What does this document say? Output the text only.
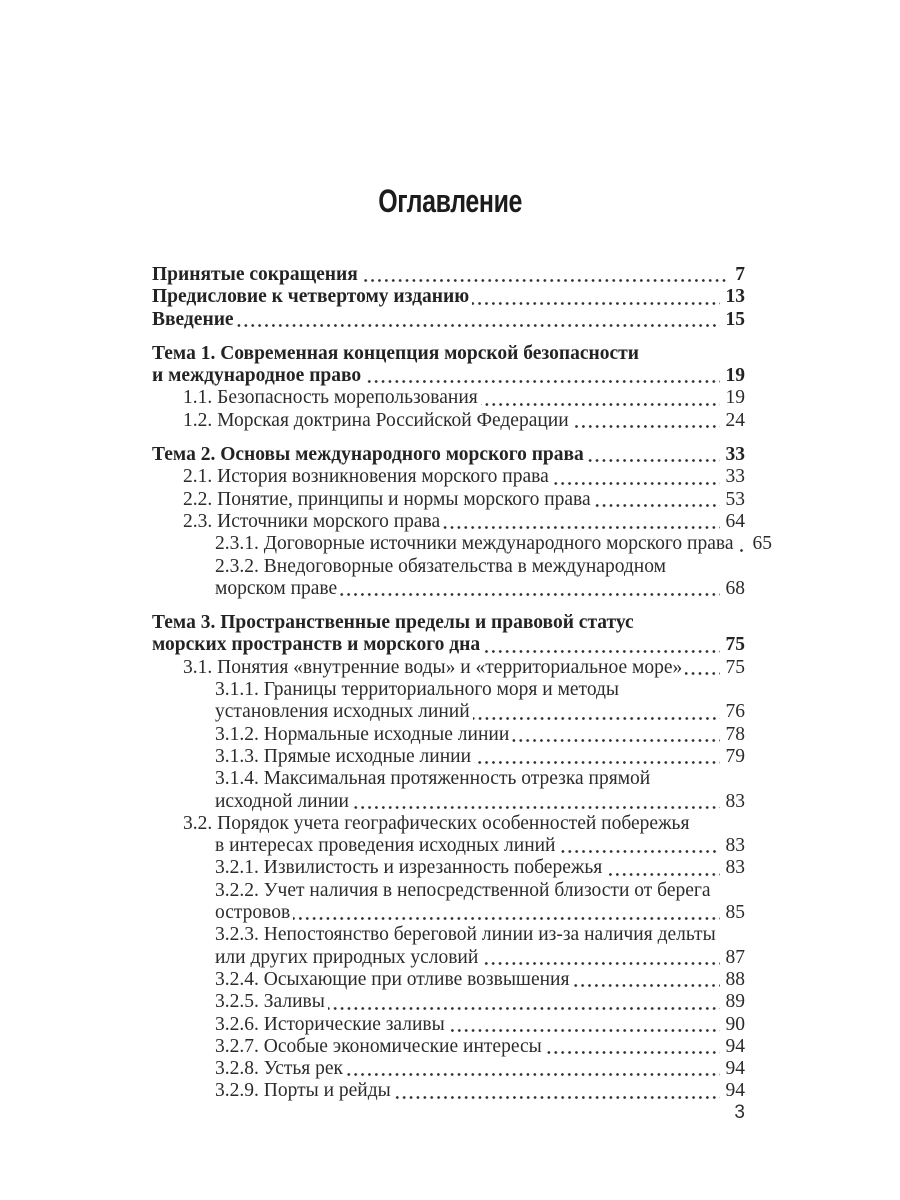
Оглавление
Принятые сокращения	7
Предисловие к четвертому изданию	13
Введение	15
Тема 1. Современная концепция морской безопасности
и международное право	19
1.1. Безопасность морепользования	19
1.2. Морская доктрина Российской Федерации	24
Тема 2. Основы международного морского права	33
2.1. История возникновения морского права	33
2.2. Понятие, принципы и нормы морского права	53
2.3. Источники морского права	64
2.3.1. Договорные источники международного морского права 65
2.3.2. Внедоговорные обязательства в международном
морском праве	68
Тема 3. Пространственные пределы и правовой статус
морских пространств и морского дна	75
3.1. Понятия «внутренние воды» и «территориальное море» 75
3.1.1. Границы территориального моря и методы
установления исходных линий	76
3.1.2. Нормальные исходные линии	78
3.1.3. Прямые исходные линии	79
3.1.4. Максимальная протяженность отрезка прямой
исходной линии	83
3.2. Порядок учета географических особенностей побережья
в интересах проведения исходных линий	83
3.2.1. Извилистость и изрезанность побережья	83
3.2.2. Учет наличия в непосредственной близости от берега
островов	85
3.2.3. Непостоянство береговой линии из-за наличия дельты
или других природных условий	87
3.2.4. Осыхающие при отливе возвышения	88
3.2.5. Заливы	89
3.2.6. Исторические заливы	90
3.2.7. Особые экономические интересы	94
3.2.8. Устья рек	94
3.2.9. Порты и рейды	94
3
